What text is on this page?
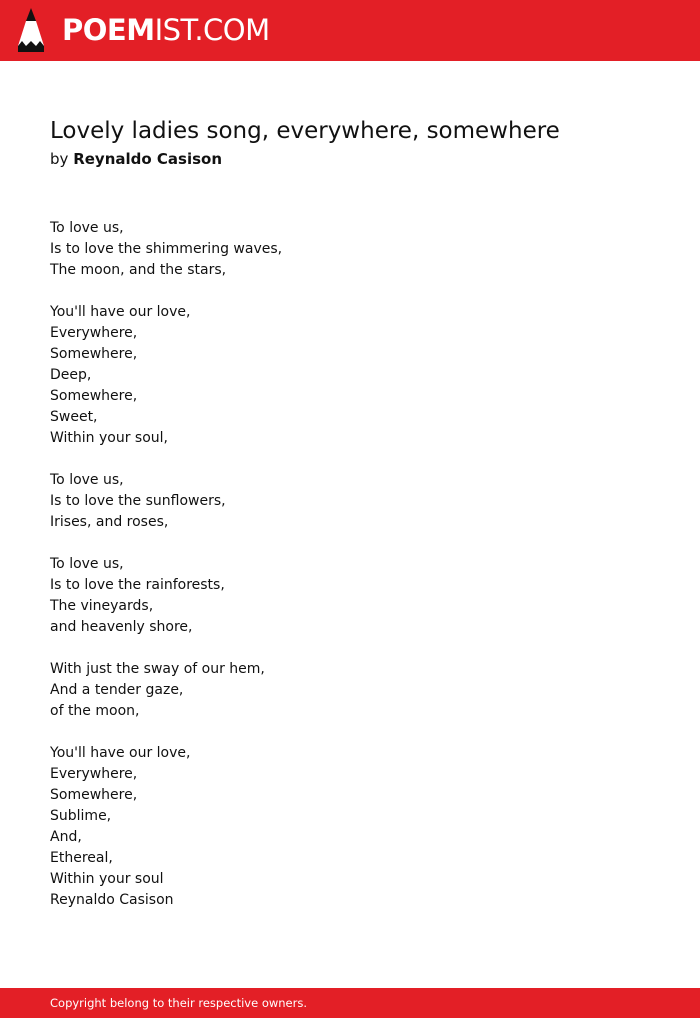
POEMIST.COM
Lovely ladies song, everywhere, somewhere
by Reynaldo Casison
To love us,
Is to love the shimmering waves,
The moon, and the stars,
You'll have our love,
Everywhere,
Somewhere,
Deep,
Somewhere,
Sweet,
Within your soul,
To love us,
Is to love the sunflowers,
Irises, and roses,
To love us,
Is to love the rainforests,
The vineyards,
and heavenly shore,
With just the sway of our hem,
And a tender gaze,
of the moon,
You'll have our love,
Everywhere,
Somewhere,
Sublime,
And,
Ethereal,
Within your soul
Reynaldo Casison
Copyright belong to their respective owners.
